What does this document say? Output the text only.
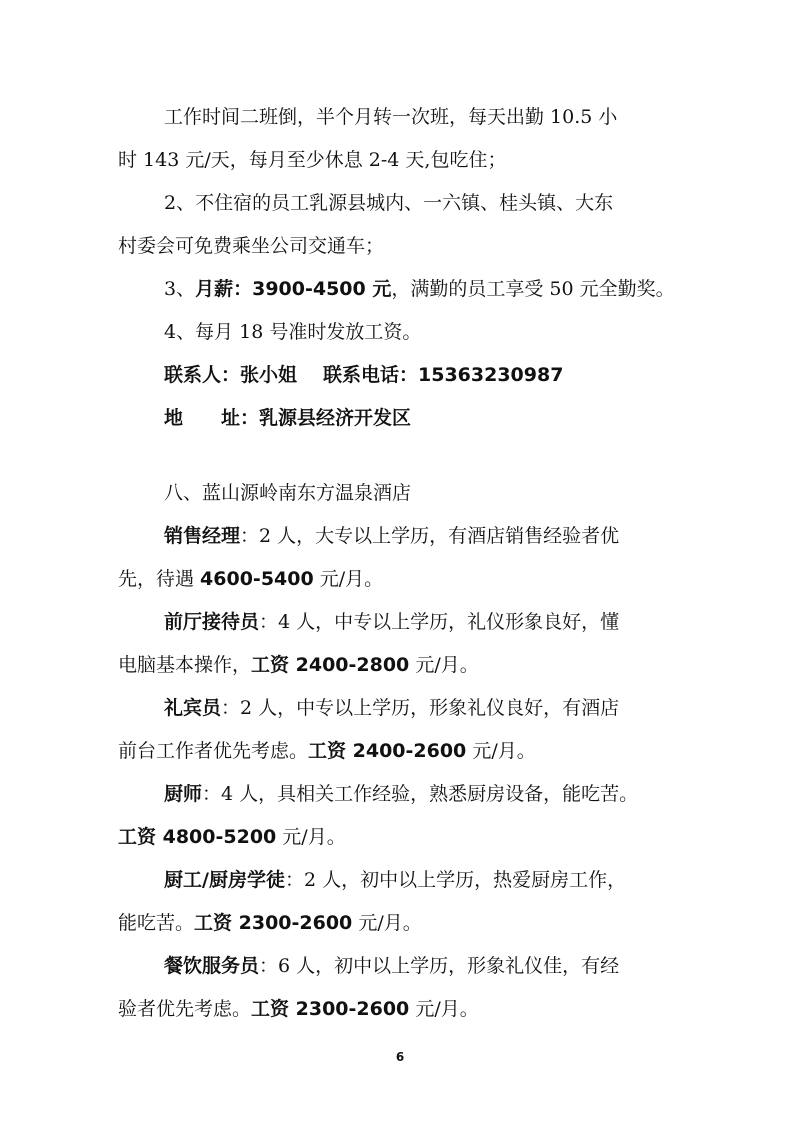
工作时间二班倒，半个月转一次班，每天出勤 10.5 小
时 143 元/天，每月至少休息 2-4 天,包吃住；
2、不住宿的员工乳源县城内、一六镇、桂头镇、大东
村委会可免费乘坐公司交通车；
3、月薪：3900-4500 元，满勤的员工享受 50 元全勤奖。
4、每月 18 号准时发放工资。
联系人：张小姐 联系电话：15363230987
地 址：乳源县经济开发区
八、蓝山源岭南东方温泉酒店
销售经理：2 人，大专以上学历，有酒店销售经验者优
先，待遇 4600-5400 元/月。
前厅接待员：4 人，中专以上学历，礼仪形象良好，懂
电脑基本操作，工资 2400-2800 元/月。
礼宾员：2 人，中专以上学历，形象礼仪良好，有酒店
前台工作者优先考虑。工资 2400-2600 元/月。
厨师：4 人，具相关工作经验，熟悉厨房设备，能吃苦。
工资 4800-5200 元/月。
厨工/厨房学徒：2 人，初中以上学历，热爱厨房工作，
能吃苦。工资 2300-2600 元/月。
餐饮服务员：6 人，初中以上学历，形象礼仪佳，有经
验者优先考虑。工资 2300-2600 元/月。
6
